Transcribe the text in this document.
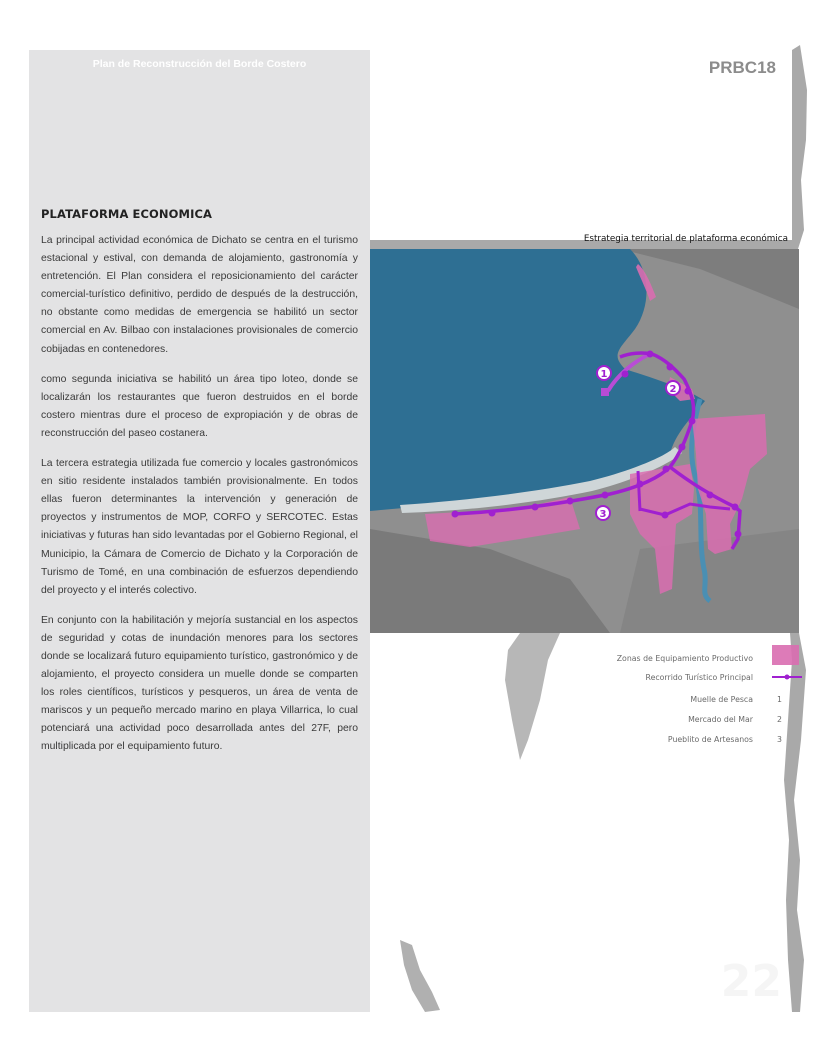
Plan de Reconstrucción del Borde Costero
PLATAFORMA ECONOMICA

La principal actividad económica de Dichato se centra en el turismo estacional y estival, con demanda de alojamiento, gastronomía y entretención. El Plan considera el reposicionamiento del carácter comercial-turístico definitivo, perdido de después de la destrucción, no obstante como medidas de emergencia se habilitó un sector comercial en Av. Bilbao con instalaciones provisionales de comercio cobijadas en contenedores.

como segunda iniciativa se habilitó un área tipo loteo, donde se localizarán los restaurantes que fueron destruidos en el borde costero mientras dure el proceso de expropiación y de obras de reconstrucción del paseo costanera.

La tercera estrategia utilizada fue comercio y locales gastronómicos en sitio residente instalados también provisionalmente. En todos ellas fueron determinantes la intervención y generación de proyectos y instrumentos de MOP, CORFO y SERCOTEC. Estas iniciativas y futuras han sido levantadas por el Gobierno Regional, el Municipio, la Cámara de Comercio de Dichato y la Corporación de Turismo de Tomé, en una combinación de esfuerzos dependiendo del proyecto y el interés colectivo.

En conjunto con la habilitación y mejoría sustancial en los aspectos de seguridad y cotas de inundación menores para los sectores donde se localizará futuro equipamiento turístico, gastronómico y de alojamiento, el proyecto considera un muelle donde se comparten los roles científicos, turísticos y pesqueros, un área de venta de mariscos y un pequeño mercado marino en playa Villarrica, lo cual potenciará una actividad poco desarrollada antes del 27F, pero multiplicada por el equipamiento futuro.

PRBC18
Estrategia territorial de plataforma económica
1
2
3
Zonas de Equipamiento Productivo
Recorrido Turístico Principal
Muelle de Pesca	1
Mercado del Mar	2
Pueblito de Artesanos	3
22
